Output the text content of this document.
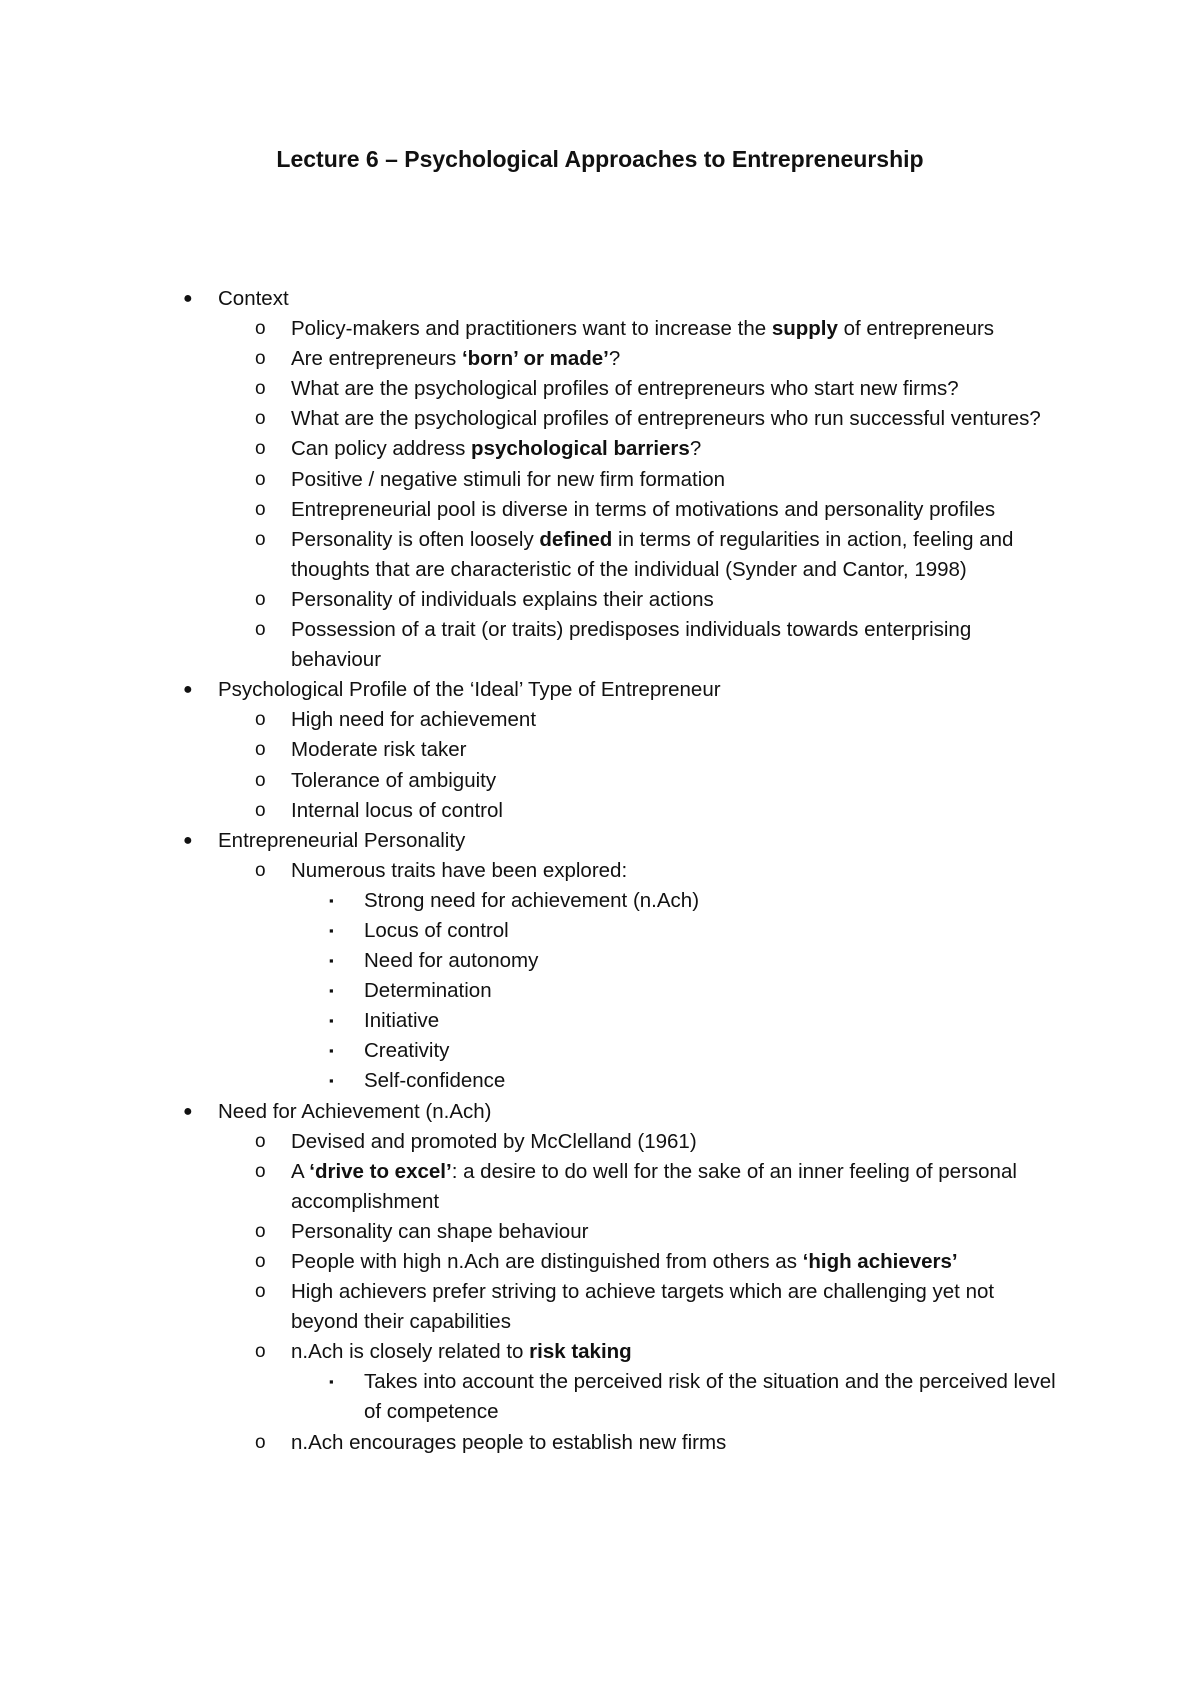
Lecture 6 – Psychological Approaches to Entrepreneurship
●	Context
o	Policy-makers and practitioners want to increase the supply of entrepreneurs
o	Are entrepreneurs ‘born’ or made’?
o	What are the psychological profiles of entrepreneurs who start new firms?
o	What are the psychological profiles of entrepreneurs who run successful ventures?
o	Can policy address psychological barriers?
o	Positive / negative stimuli for new firm formation
o	Entrepreneurial pool is diverse in terms of motivations and personality profiles
o	Personality is often loosely defined in terms of regularities in action, feeling and thoughts that are characteristic of the individual (Synder and Cantor, 1998)
o	Personality of individuals explains their actions
o	Possession of a trait (or traits) predisposes individuals towards enterprising behaviour
●	Psychological Profile of the ‘Ideal’ Type of Entrepreneur
o	High need for achievement
o	Moderate risk taker
o	Tolerance of ambiguity
o	Internal locus of control
●	Entrepreneurial Personality
o	Numerous traits have been explored:
▪	Strong need for achievement (n.Ach)
▪	Locus of control
▪	Need for autonomy
▪	Determination
▪	Initiative
▪	Creativity
▪	Self-confidence
●	Need for Achievement (n.Ach)
o	Devised and promoted by McClelland (1961)
o	A ‘drive to excel’: a desire to do well for the sake of an inner feeling of personal accomplishment
o	Personality can shape behaviour
o	People with high n.Ach are distinguished from others as ‘high achievers’
o	High achievers prefer striving to achieve targets which are challenging yet not beyond their capabilities
o	n.Ach is closely related to risk taking
▪	Takes into account the perceived risk of the situation and the perceived level of competence
o	n.Ach encourages people to establish new firms
